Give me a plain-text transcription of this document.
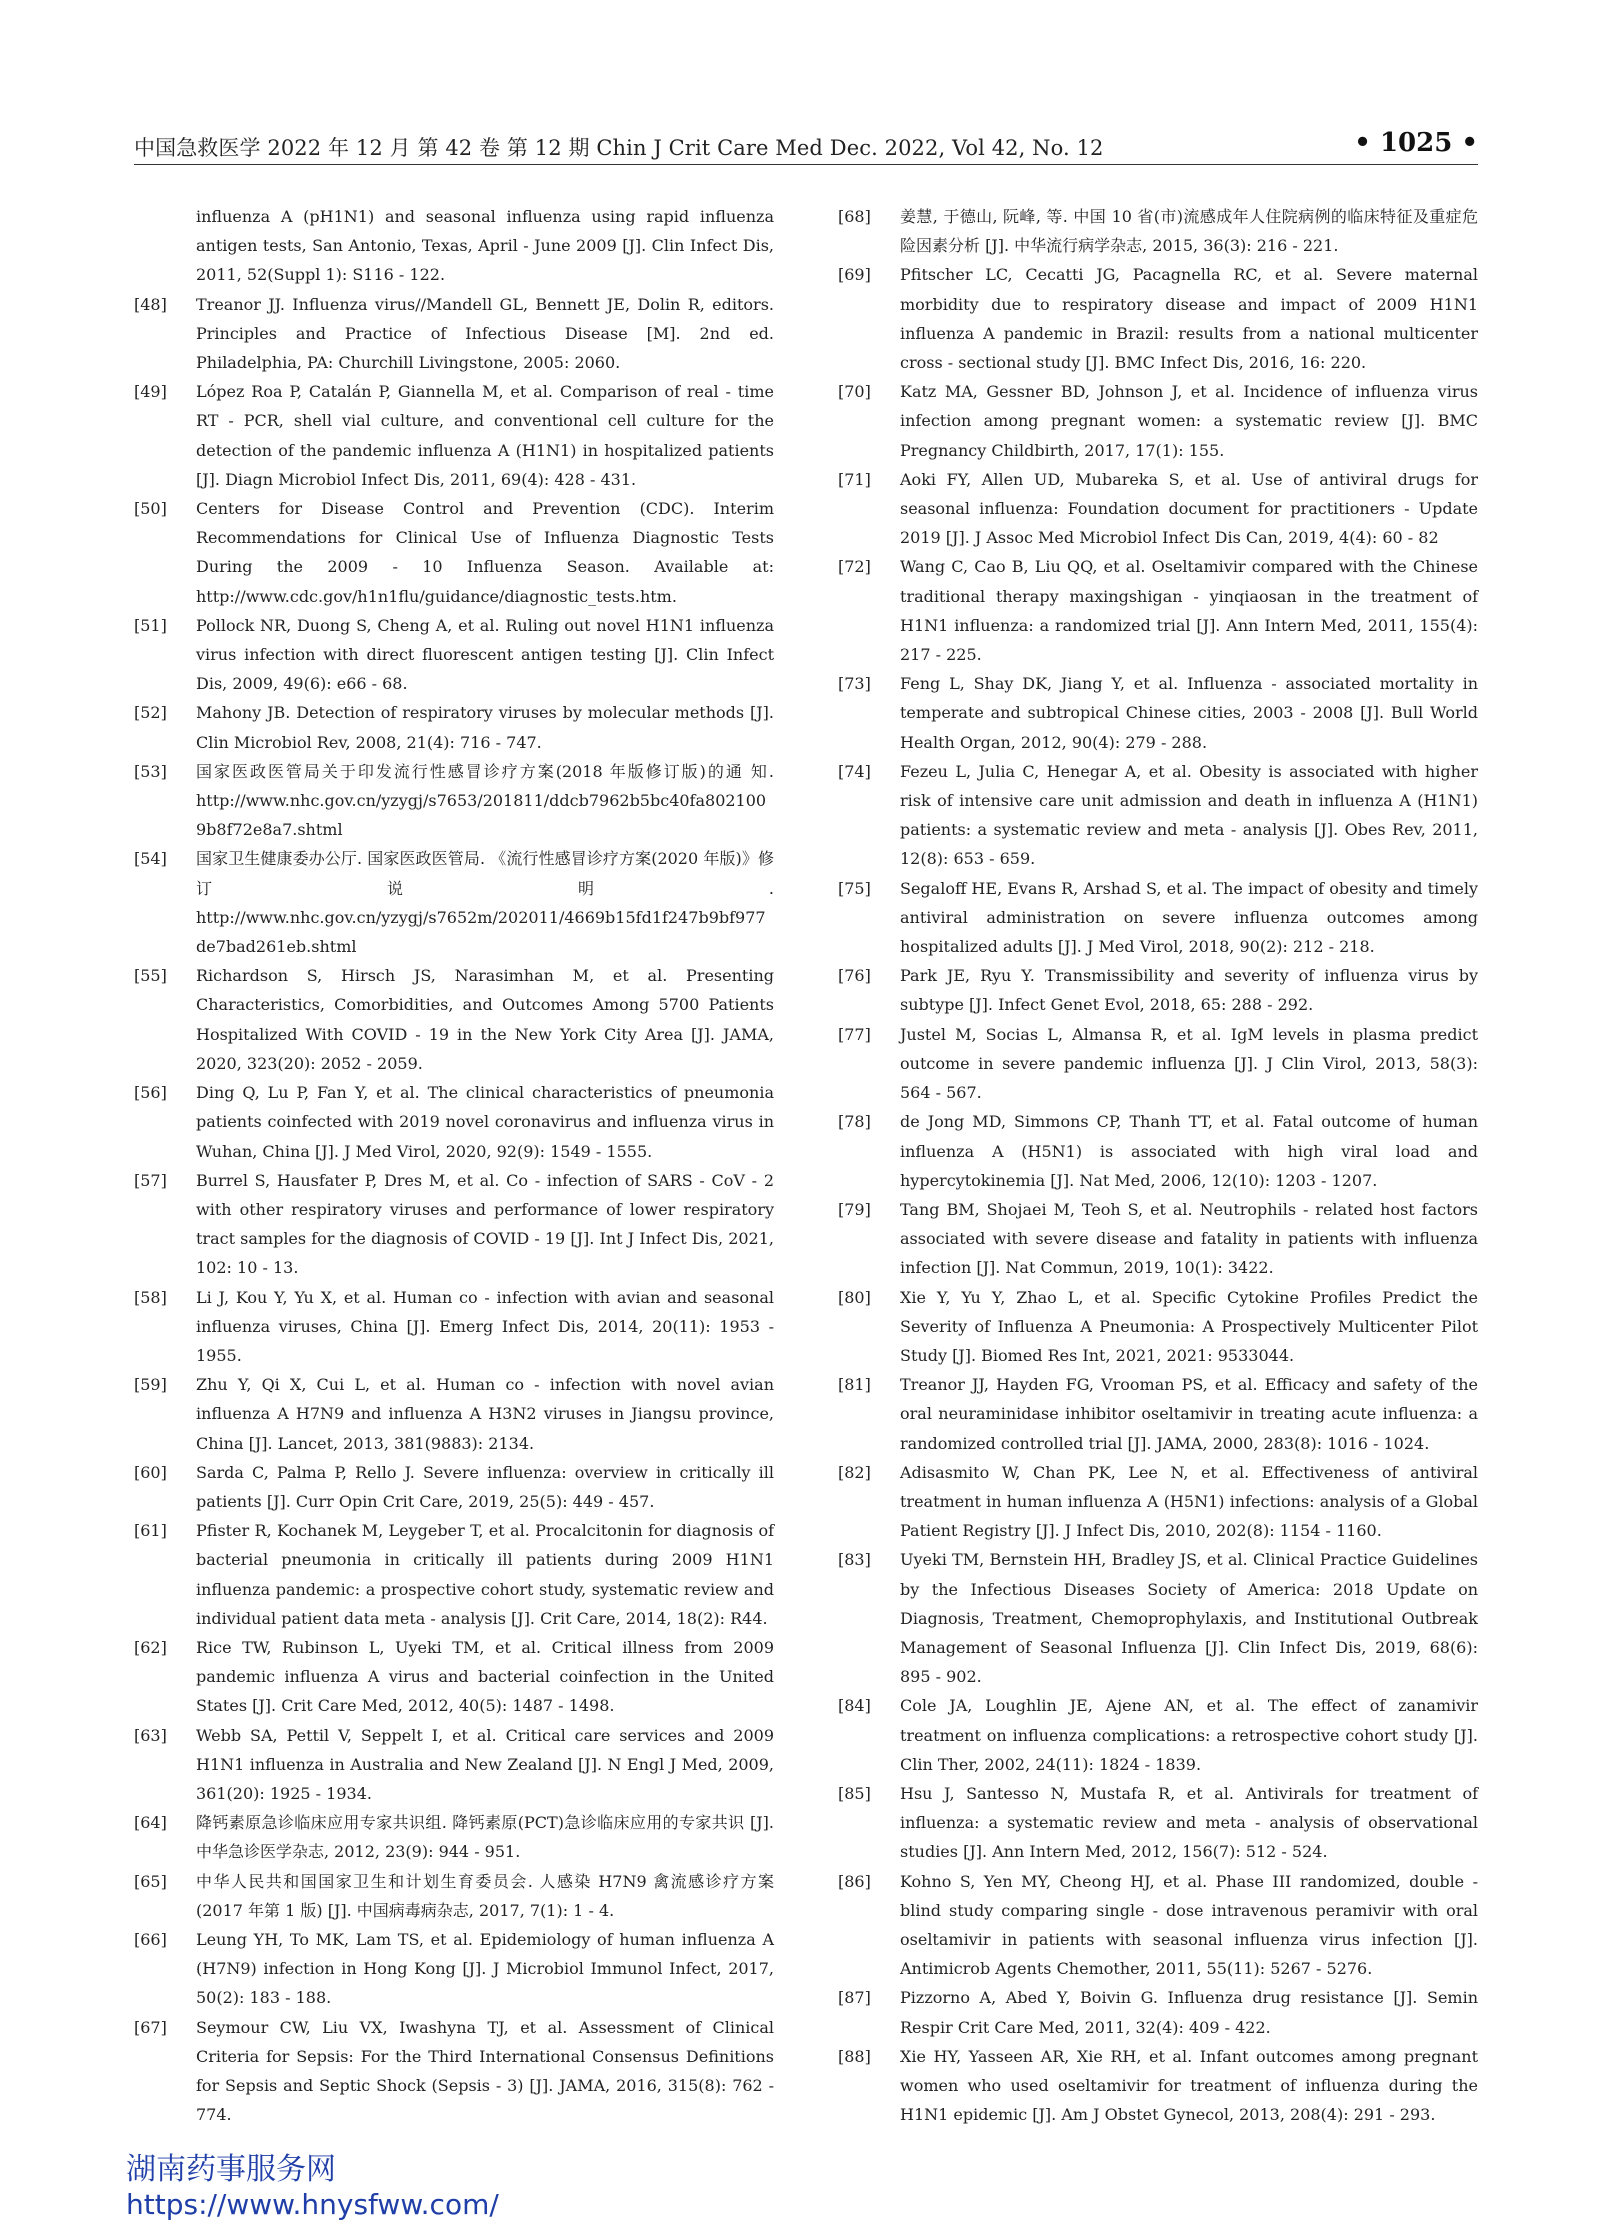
中国急救医学 2022 年 12 月 第 42 卷 第 12 期 Chin J Crit Care Med Dec. 2022, Vol 42, No. 12	• 1025 •
influenza A (pH1N1) and seasonal influenza using rapid influenza antigen tests, San Antonio, Texas, April - June 2009 [J]. Clin Infect Dis, 2011, 52(Suppl 1): S116 - 122.
[48]	Treanor JJ. Influenza virus//Mandell GL, Bennett JE, Dolin R, editors. Principles and Practice of Infectious Disease [M]. 2nd ed. Philadelphia, PA: Churchill Livingstone, 2005: 2060.
[49]	López Roa P, Catalán P, Giannella M, et al. Comparison of real - time RT - PCR, shell vial culture, and conventional cell culture for the detection of the pandemic influenza A (H1N1) in hospitalized patients [J]. Diagn Microbiol Infect Dis, 2011, 69(4): 428 - 431.
[50]	Centers for Disease Control and Prevention (CDC). Interim Recommendations for Clinical Use of Influenza Diagnostic Tests During the 2009 - 10 Influenza Season. Available at: http://www.cdc.gov/h1n1flu/guidance/diagnostic_tests.htm.
[51]	Pollock NR, Duong S, Cheng A, et al. Ruling out novel H1N1 influenza virus infection with direct fluorescent antigen testing [J]. Clin Infect Dis, 2009, 49(6): e66 - 68.
[52]	Mahony JB. Detection of respiratory viruses by molecular methods [J]. Clin Microbiol Rev, 2008, 21(4): 716 - 747.
[53]	国家医政医管局关于印发流行性感冒诊疗方案(2018 年版修订版)的通 知. http://www.nhc.gov.cn/yzygj/s7653/201811/ddcb7962b5bc40fa8021009b8f72e8a7.shtml
[54]	国家卫生健康委办公厅. 国家医政医管局. 《流行性感冒诊疗方案(2020 年版)》修订说明. http://www.nhc.gov.cn/yzygj/s7652m/202011/4669b15fd1f247b9bf977de7bad261eb.shtml
[55]	Richardson S, Hirsch JS, Narasimhan M, et al. Presenting Characteristics, Comorbidities, and Outcomes Among 5700 Patients Hospitalized With COVID - 19 in the New York City Area [J]. JAMA, 2020, 323(20): 2052 - 2059.
[56]	Ding Q, Lu P, Fan Y, et al. The clinical characteristics of pneumonia patients coinfected with 2019 novel coronavirus and influenza virus in Wuhan, China [J]. J Med Virol, 2020, 92(9): 1549 - 1555.
[57]	Burrel S, Hausfater P, Dres M, et al. Co - infection of SARS - CoV - 2 with other respiratory viruses and performance of lower respiratory tract samples for the diagnosis of COVID - 19 [J]. Int J Infect Dis, 2021, 102: 10 - 13.
[58]	Li J, Kou Y, Yu X, et al. Human co - infection with avian and seasonal influenza viruses, China [J]. Emerg Infect Dis, 2014, 20(11): 1953 - 1955.
[59]	Zhu Y, Qi X, Cui L, et al. Human co - infection with novel avian influenza A H7N9 and influenza A H3N2 viruses in Jiangsu province, China [J]. Lancet, 2013, 381(9883): 2134.
[60]	Sarda C, Palma P, Rello J. Severe influenza: overview in critically ill patients [J]. Curr Opin Crit Care, 2019, 25(5): 449 - 457.
[61]	Pfister R, Kochanek M, Leygeber T, et al. Procalcitonin for diagnosis of bacterial pneumonia in critically ill patients during 2009 H1N1 influenza pandemic: a prospective cohort study, systematic review and individual patient data meta - analysis [J]. Crit Care, 2014, 18(2): R44.
[62]	Rice TW, Rubinson L, Uyeki TM, et al. Critical illness from 2009 pandemic influenza A virus and bacterial coinfection in the United States [J]. Crit Care Med, 2012, 40(5): 1487 - 1498.
[63]	Webb SA, Pettil V, Seppelt I, et al. Critical care services and 2009 H1N1 influenza in Australia and New Zealand [J]. N Engl J Med, 2009, 361(20): 1925 - 1934.
[64]	降钙素原急诊临床应用专家共识组. 降钙素原(PCT)急诊临床应用的专家共识 [J]. 中华急诊医学杂志, 2012, 23(9): 944 - 951.
[65]	中华人民共和国国家卫生和计划生育委员会. 人感染 H7N9 禽流感诊疗方案(2017 年第 1 版) [J]. 中国病毒病杂志, 2017, 7(1): 1 - 4.
[66]	Leung YH, To MK, Lam TS, et al. Epidemiology of human influenza A (H7N9) infection in Hong Kong [J]. J Microbiol Immunol Infect, 2017, 50(2): 183 - 188.
[67]	Seymour CW, Liu VX, Iwashyna TJ, et al. Assessment of Clinical Criteria for Sepsis: For the Third International Consensus Definitions for Sepsis and Septic Shock (Sepsis - 3) [J]. JAMA, 2016, 315(8): 762 - 774.
[68]	姜慧, 于德山, 阮峰, 等. 中国 10 省(市)流感成年人住院病例的临床特征及重症危险因素分析 [J]. 中华流行病学杂志, 2015, 36(3): 216 - 221.
[69]	Pfitscher LC, Cecatti JG, Pacagnella RC, et al. Severe maternal morbidity due to respiratory disease and impact of 2009 H1N1 influenza A pandemic in Brazil: results from a national multicenter cross - sectional study [J]. BMC Infect Dis, 2016, 16: 220.
[70]	Katz MA, Gessner BD, Johnson J, et al. Incidence of influenza virus infection among pregnant women: a systematic review [J]. BMC Pregnancy Childbirth, 2017, 17(1): 155.
[71]	Aoki FY, Allen UD, Mubareka S, et al. Use of antiviral drugs for seasonal influenza: Foundation document for practitioners - Update 2019 [J]. J Assoc Med Microbiol Infect Dis Can, 2019, 4(4): 60 - 82
[72]	Wang C, Cao B, Liu QQ, et al. Oseltamivir compared with the Chinese traditional therapy maxingshigan - yinqiaosan in the treatment of H1N1 influenza: a randomized trial [J]. Ann Intern Med, 2011, 155(4): 217 - 225.
[73]	Feng L, Shay DK, Jiang Y, et al. Influenza - associated mortality in temperate and subtropical Chinese cities, 2003 - 2008 [J]. Bull World Health Organ, 2012, 90(4): 279 - 288.
[74]	Fezeu L, Julia C, Henegar A, et al. Obesity is associated with higher risk of intensive care unit admission and death in influenza A (H1N1) patients: a systematic review and meta - analysis [J]. Obes Rev, 2011, 12(8): 653 - 659.
[75]	Segaloff HE, Evans R, Arshad S, et al. The impact of obesity and timely antiviral administration on severe influenza outcomes among hospitalized adults [J]. J Med Virol, 2018, 90(2): 212 - 218.
[76]	Park JE, Ryu Y. Transmissibility and severity of influenza virus by subtype [J]. Infect Genet Evol, 2018, 65: 288 - 292.
[77]	Justel M, Socias L, Almansa R, et al. IgM levels in plasma predict outcome in severe pandemic influenza [J]. J Clin Virol, 2013, 58(3): 564 - 567.
[78]	de Jong MD, Simmons CP, Thanh TT, et al. Fatal outcome of human influenza A (H5N1) is associated with high viral load and hypercytokinemia [J]. Nat Med, 2006, 12(10): 1203 - 1207.
[79]	Tang BM, Shojaei M, Teoh S, et al. Neutrophils - related host factors associated with severe disease and fatality in patients with influenza infection [J]. Nat Commun, 2019, 10(1): 3422.
[80]	Xie Y, Yu Y, Zhao L, et al. Specific Cytokine Profiles Predict the Severity of Influenza A Pneumonia: A Prospectively Multicenter Pilot Study [J]. Biomed Res Int, 2021, 2021: 9533044.
[81]	Treanor JJ, Hayden FG, Vrooman PS, et al. Efficacy and safety of the oral neuraminidase inhibitor oseltamivir in treating acute influenza: a randomized controlled trial [J]. JAMA, 2000, 283(8): 1016 - 1024.
[82]	Adisasmito W, Chan PK, Lee N, et al. Effectiveness of antiviral treatment in human influenza A (H5N1) infections: analysis of a Global Patient Registry [J]. J Infect Dis, 2010, 202(8): 1154 - 1160.
[83]	Uyeki TM, Bernstein HH, Bradley JS, et al. Clinical Practice Guidelines by the Infectious Diseases Society of America: 2018 Update on Diagnosis, Treatment, Chemoprophylaxis, and Institutional Outbreak Management of Seasonal Influenza [J]. Clin Infect Dis, 2019, 68(6): 895 - 902.
[84]	Cole JA, Loughlin JE, Ajene AN, et al. The effect of zanamivir treatment on influenza complications: a retrospective cohort study [J]. Clin Ther, 2002, 24(11): 1824 - 1839.
[85]	Hsu J, Santesso N, Mustafa R, et al. Antivirals for treatment of influenza: a systematic review and meta - analysis of observational studies [J]. Ann Intern Med, 2012, 156(7): 512 - 524.
[86]	Kohno S, Yen MY, Cheong HJ, et al. Phase III randomized, double - blind study comparing single - dose intravenous peramivir with oral oseltamivir in patients with seasonal influenza virus infection [J]. Antimicrob Agents Chemother, 2011, 55(11): 5267 - 5276.
[87]	Pizzorno A, Abed Y, Boivin G. Influenza drug resistance [J]. Semin Respir Crit Care Med, 2011, 32(4): 409 - 422.
[88]	Xie HY, Yasseen AR, Xie RH, et al. Infant outcomes among pregnant women who used oseltamivir for treatment of influenza during the H1N1 epidemic [J]. Am J Obstet Gynecol, 2013, 208(4): 291 - 293.
湖南药事服务网
https://www.hnysfww.com/
